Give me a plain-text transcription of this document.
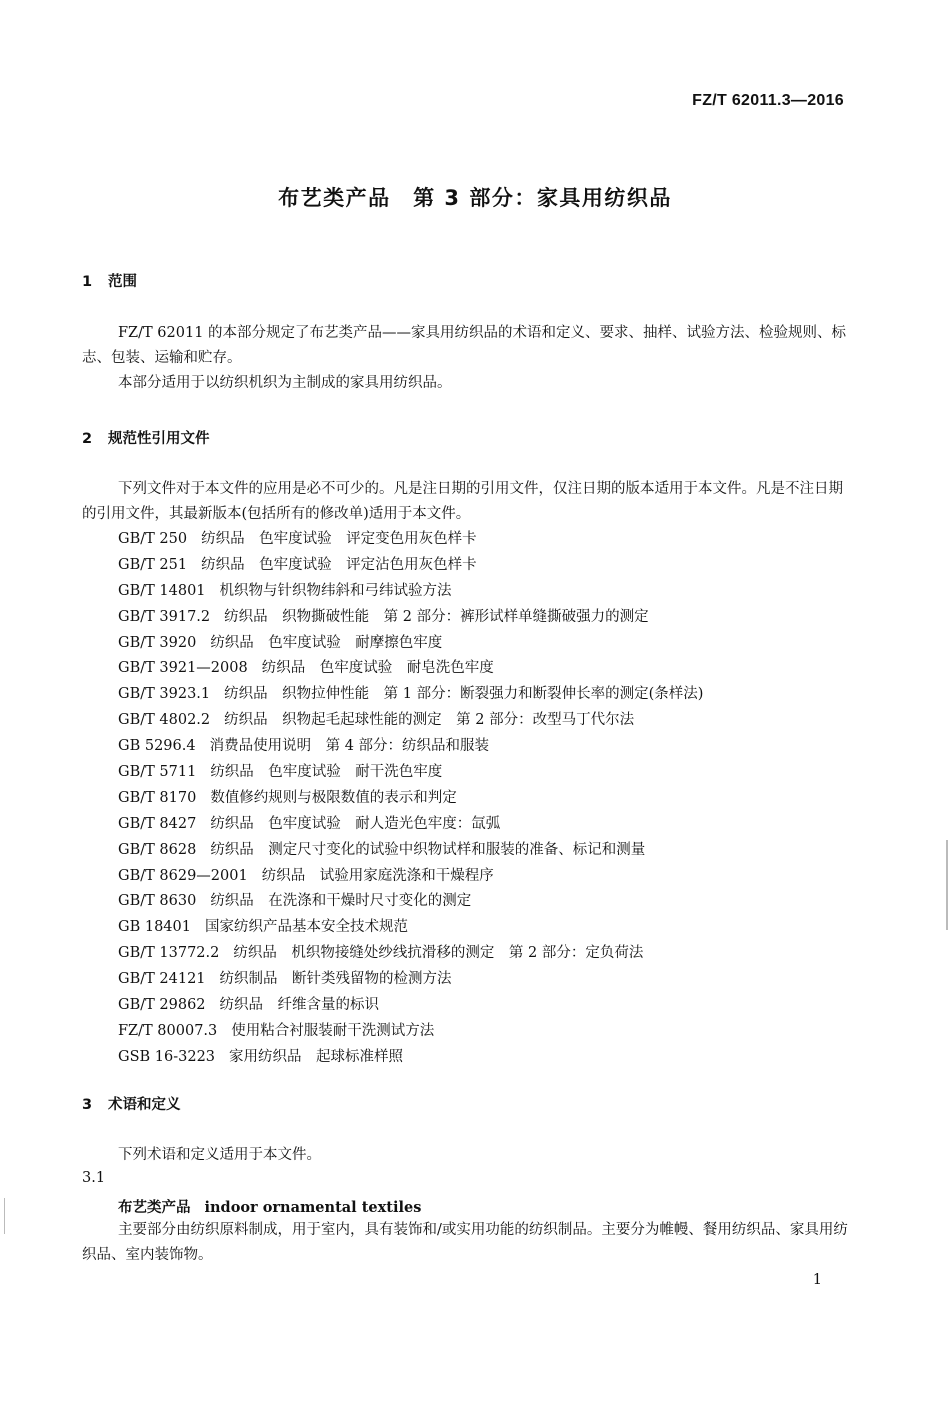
FZ/T 62011.3—2016
布艺类产品　第 3 部分：家具用纺织品
1 范围

FZ/T 62011 的本部分规定了布艺类产品——家具用纺织品的术语和定义、要求、抽样、试验方法、检验规则、标志、包装、运输和贮存。

本部分适用于以纺织机织为主制成的家具用纺织品。

2 规范性引用文件

下列文件对于本文件的应用是必不可少的。凡是注日期的引用文件，仅注日期的版本适用于本文件。凡是不注日期的引用文件，其最新版本(包括所有的修改单)适用于本文件。

GB/T 250 纺织品　色牢度试验　评定变色用灰色样卡
GB/T 251 纺织品　色牢度试验　评定沾色用灰色样卡
GB/T 14801 机织物与针织物纬斜和弓纬试验方法
GB/T 3917.2 纺织品　织物撕破性能　第 2 部分：裤形试样单缝撕破强力的测定
GB/T 3920 纺织品　色牢度试验　耐摩擦色牢度
GB/T 3921—2008 纺织品　色牢度试验　耐皂洗色牢度
GB/T 3923.1 纺织品　织物拉伸性能　第 1 部分：断裂强力和断裂伸长率的测定(条样法)
GB/T 4802.2 纺织品　织物起毛起球性能的测定　第 2 部分：改型马丁代尔法
GB 5296.4 消费品使用说明　第 4 部分：纺织品和服装
GB/T 5711 纺织品　色牢度试验　耐干洗色牢度
GB/T 8170 数值修约规则与极限数值的表示和判定
GB/T 8427 纺织品　色牢度试验　耐人造光色牢度：氙弧
GB/T 8628 纺织品　测定尺寸变化的试验中织物试样和服装的准备、标记和测量
GB/T 8629—2001 纺织品　试验用家庭洗涤和干燥程序
GB/T 8630 纺织品　在洗涤和干燥时尺寸变化的测定
GB 18401 国家纺织产品基本安全技术规范
GB/T 13772.2 纺织品　机织物接缝处纱线抗滑移的测定　第 2 部分：定负荷法
GB/T 24121 纺织制品　断针类残留物的检测方法
GB/T 29862 纺织品　纤维含量的标识
FZ/T 80007.3 使用粘合衬服装耐干洗测试方法
GSB 16-3223 家用纺织品　起球标准样照
3 术语和定义

下列术语和定义适用于本文件。

3.1

布艺类产品 indoor ornamental textiles

主要部分由纺织原料制成，用于室内，具有装饰和/或实用功能的纺织制品。主要分为帷幔、餐用纺织品、家具用纺织品、室内装饰物。

1
